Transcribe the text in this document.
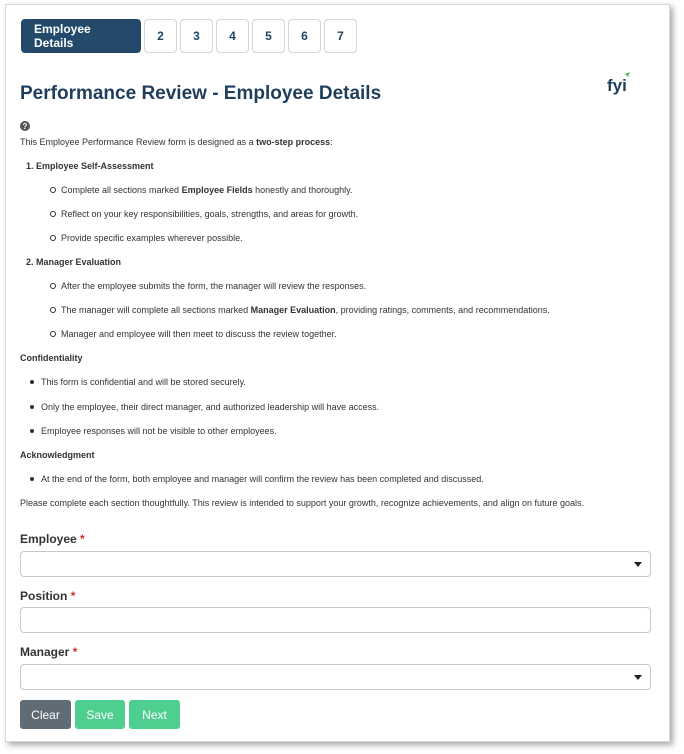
Employee Details	2	3	4	5	6	7
Performance Review - Employee Details	fyi
?
This Employee Performance Review form is designed as a two-step process:
1. Employee Self-Assessment
Complete all sections marked Employee Fields honestly and thoroughly.
Reflect on your key responsibilities, goals, strengths, and areas for growth.
Provide specific examples wherever possible.
2. Manager Evaluation
After the employee submits the form, the manager will review the responses.
The manager will complete all sections marked Manager Evaluation, providing ratings, comments, and recommendations.
Manager and employee will then meet to discuss the review together.
Confidentiality
This form is confidential and will be stored securely.
Only the employee, their direct manager, and authorized leadership will have access.
Employee responses will not be visible to other employees.
Acknowledgment
At the end of the form, both employee and manager will confirm the review has been completed and discussed.
Please complete each section thoughtfully. This review is intended to support your growth, recognize achievements, and align on future goals.
Employee *
Position *
Manager *
Clear	Save	Next
